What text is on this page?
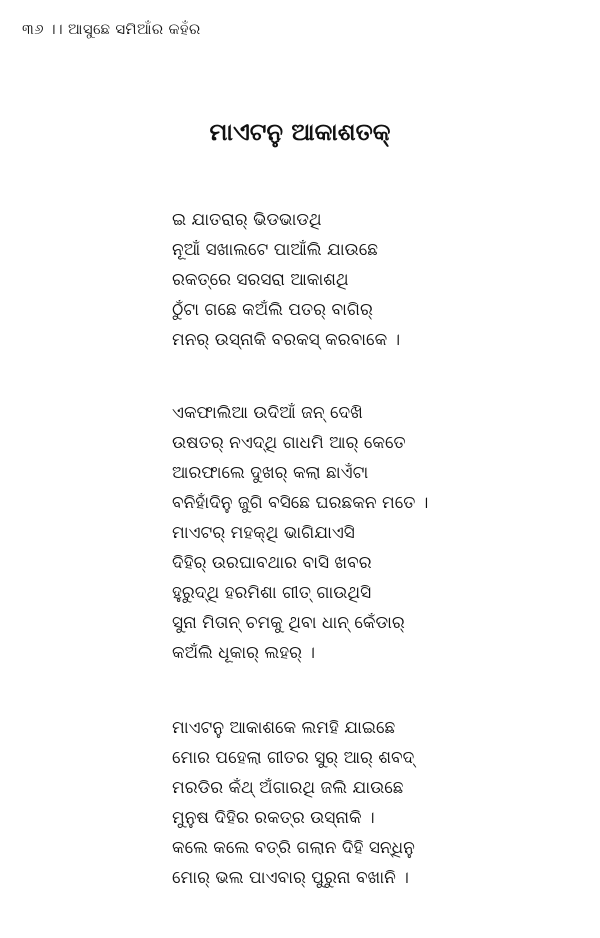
୩୬ ।। ଆସୁଛେ ସମିଆଁର କହଁର
ମାଏଟନୁ ଆକାଶତକ୍
ଇ ଯାତରାର୍ ଭିଡଭାଡଥି
ନୂଆଁ ସଖାଲଟେ ପାଆଁଲି ଯାଉଛେ
ରକତ୍‌ରେ ସରସରା ଆକାଶଥି
ଠୁଁଟା ଗଛେ କଅଁଲି ପତର୍ ବାଗିର୍
ମନର୍ ଉସ୍‌ନାକି ବରକସ୍ କରବାକେ ।
ଏକଫାଲିଆ ଉଦିଆଁ ଜନ୍ ଦେଖି
ଉଷତର୍ ନଏଦ୍‌ଥି ଗାଧମି ଆର୍ କେତେ
ଆରଫାଲେ ଦୁଖର୍ କଲା ଛାଏଁଟା
ବନିହାଁଦିନୁ ଜୁଗି ବସିଛେ ଘରଛକନ ମତେ ।
ମାଏଟର୍ ମହକ୍‌ଥି ଭାଗିଯାଏସି
ଦିହିର୍ ଉରଘାବଥାର ବାସି ଖବର
ହୁରୁଦ୍‌ଥି ହରମିଶା ଗୀତ୍ ଗାଉଥିସି
ସୁନା ମିତାନ୍ ଚମକୁ ଥିବା ଧାନ୍ କେଁଡାର୍
କଅଁଲି ଧୂକାର୍ ଲହର୍ ।
ମାଏଟନୁ ଆକାଶକେ ଲମହି ଯାଇଛେ
ମୋର ପହେଲା ଗୀତର ସୁର୍ ଆର୍ ଶବଦ୍
ମରଡିର କଁଥ୍ ଅଁଗାରଥି ଜଲି ଯାଉଛେ
ମୁନୁଷ ଦିହିର ରକତ୍‌ର ଉସ୍‌ନାକି ।
କଲେ କଲେ ବତ୍ରି ଗଲାନ ଦିହି ସନ୍ଧିନୁ
ମୋର୍ ଭଲ ପାଏବାର୍ ପୁରୁନା ବଖାନି ।
